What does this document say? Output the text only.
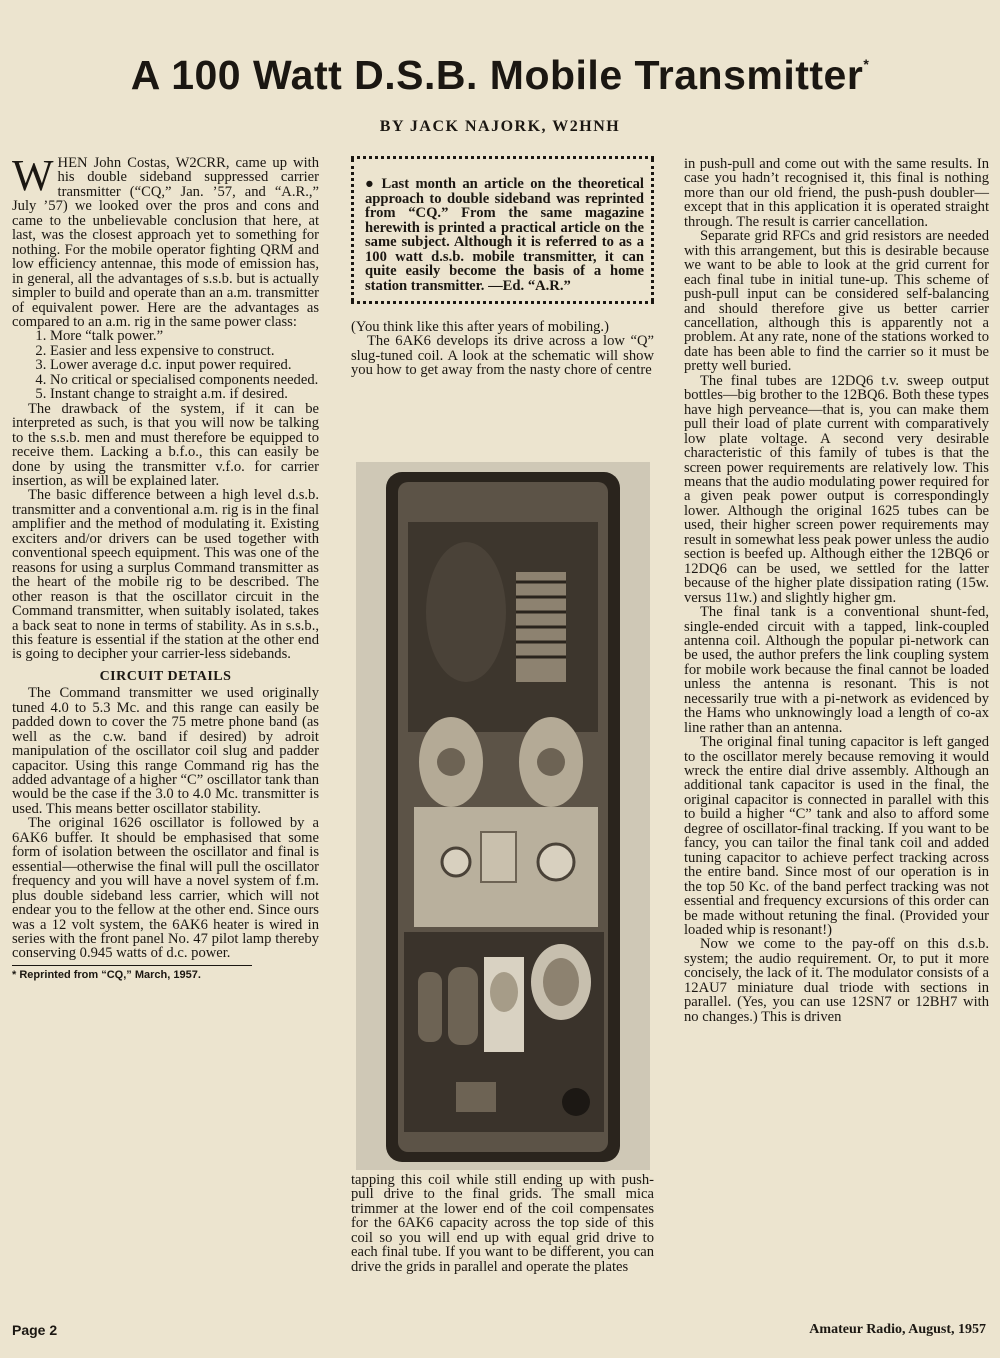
A 100 Watt D.S.B. Mobile Transmitter*
BY JACK NAJORK, W2HNH

WHEN John Costas, W2CRR, came up with his double sideband suppressed carrier transmitter (“CQ,” Jan. ’57, and “A.R.,” July ’57) we looked over the pros and cons and came to the unbelievable conclusion that here, at last, was the closest approach yet to something for nothing. For the mobile operator fighting QRM and low efficiency antennae, this mode of emission has, in general, all the advantages of s.s.b. but is actually simpler to build and operate than an a.m. transmitter of equivalent power. Here are the advantages as compared to an a.m. rig in the same power class:

1. More “talk power.”
2. Easier and less expensive to construct.
3. Lower average d.c. input power required.
4. No critical or specialised components needed.
5. Instant change to straight a.m. if desired.

The drawback of the system, if it can be interpreted as such, is that you will now be talking to the s.s.b. men and must therefore be equipped to receive them. Lacking a b.f.o., this can easily be done by using the transmitter v.f.o. for carrier insertion, as will be explained later.

The basic difference between a high level d.s.b. transmitter and a conventional a.m. rig is in the final amplifier and the method of modulating it. Existing exciters and/or drivers can be used together with conventional speech equipment. This was one of the reasons for using a surplus Command transmitter as the heart of the mobile rig to be described. The other reason is that the oscillator circuit in the Command transmitter, when suitably isolated, takes a back seat to none in terms of stability. As in s.s.b., this feature is essential if the station at the other end is going to decipher your carrier-less sidebands.

CIRCUIT DETAILS

The Command transmitter we used originally tuned 4.0 to 5.3 Mc. and this range can easily be padded down to cover the 75 metre phone band (as well as the c.w. band if desired) by adroit manipulation of the oscillator coil slug and padder capacitor. Using this range Command rig has the added advantage of a higher “C” oscillator tank than would be the case if the 3.0 to 4.0 Mc. transmitter is used. This means better oscillator stability.

The original 1626 oscillator is followed by a 6AK6 buffer. It should be emphasised that some form of isolation between the oscillator and final is essential—otherwise the final will pull the oscillator frequency and you will have a novel system of f.m. plus double sideband less carrier, which will not endear you to the fellow at the other end. Since ours was a 12 volt system, the 6AK6 heater is wired in series with the front panel No. 47 pilot lamp thereby conserving 0.945 watts of d.c. power.

* Reprinted from “CQ,” March, 1957.

● Last month an article on the theoretical approach to double sideband was reprinted from “CQ.” From the same magazine herewith is printed a practical article on the same subject. Although it is referred to as a 100 watt d.s.b. mobile transmitter, it can quite easily become the basis of a home station transmitter. —Ed. “A.R.”

(You think like this after years of mobiling.)

The 6AK6 develops its drive across a low “Q” slug-tuned coil. A look at the schematic will show you how to get away from the nasty chore of centre

tapping this coil while still ending up with push-pull drive to the final grids. The small mica trimmer at the lower end of the coil compensates for the 6AK6 capacity across the top side of this coil so you will end up with equal grid drive to each final tube. If you want to be different, you can drive the grids in parallel and operate the plates

in push-pull and come out with the same results. In case you hadn’t recognised it, this final is nothing more than our old friend, the push-push doubler—except that in this application it is operated straight through. The result is carrier cancellation.

Separate grid RFCs and grid resistors are needed with this arrangement, but this is desirable because we want to be able to look at the grid current for each final tube in initial tune-up. This scheme of push-pull input can be considered self-balancing and should therefore give us better carrier cancellation, although this is apparently not a problem. At any rate, none of the stations worked to date has been able to find the carrier so it must be pretty well buried.

The final tubes are 12DQ6 t.v. sweep output bottles—big brother to the 12BQ6. Both these types have high perveance—that is, you can make them pull their load of plate current with comparatively low plate voltage. A second very desirable characteristic of this family of tubes is that the screen power requirements are relatively low. This means that the audio modulating power required for a given peak power output is correspondingly lower. Although the original 1625 tubes can be used, their higher screen power requirements may result in somewhat less peak power unless the audio section is beefed up. Although either the 12BQ6 or 12DQ6 can be used, we settled for the latter because of the higher plate dissipation rating (15w. versus 11w.) and slightly higher gm.

The final tank is a conventional shunt-fed, single-ended circuit with a tapped, link-coupled antenna coil. Although the popular pi-network can be used, the author prefers the link coupling system for mobile work because the final cannot be loaded unless the antenna is resonant. This is not necessarily true with a pi-network as evidenced by the Hams who unknowingly load a length of co-ax line rather than an antenna.

The original final tuning capacitor is left ganged to the oscillator merely because removing it would wreck the entire dial drive assembly. Although an additional tank capacitor is used in the final, the original capacitor is connected in parallel with this to build a higher “C” tank and also to afford some degree of oscillator-final tracking. If you want to be fancy, you can tailor the final tank coil and added tuning capacitor to achieve perfect tracking across the entire band. Since most of our operation is in the top 50 Kc. of the band perfect tracking was not essential and frequency excursions of this order can be made without retuning the final. (Provided your loaded whip is resonant!)

Now we come to the pay-off on this d.s.b. system; the audio requirement. Or, to put it more concisely, the lack of it. The modulator consists of a 12AU7 miniature dual triode with sections in parallel. (Yes, you can use 12SN7 or 12BH7 with no changes.) This is driven

Page 2	Amateur Radio, August, 1957
